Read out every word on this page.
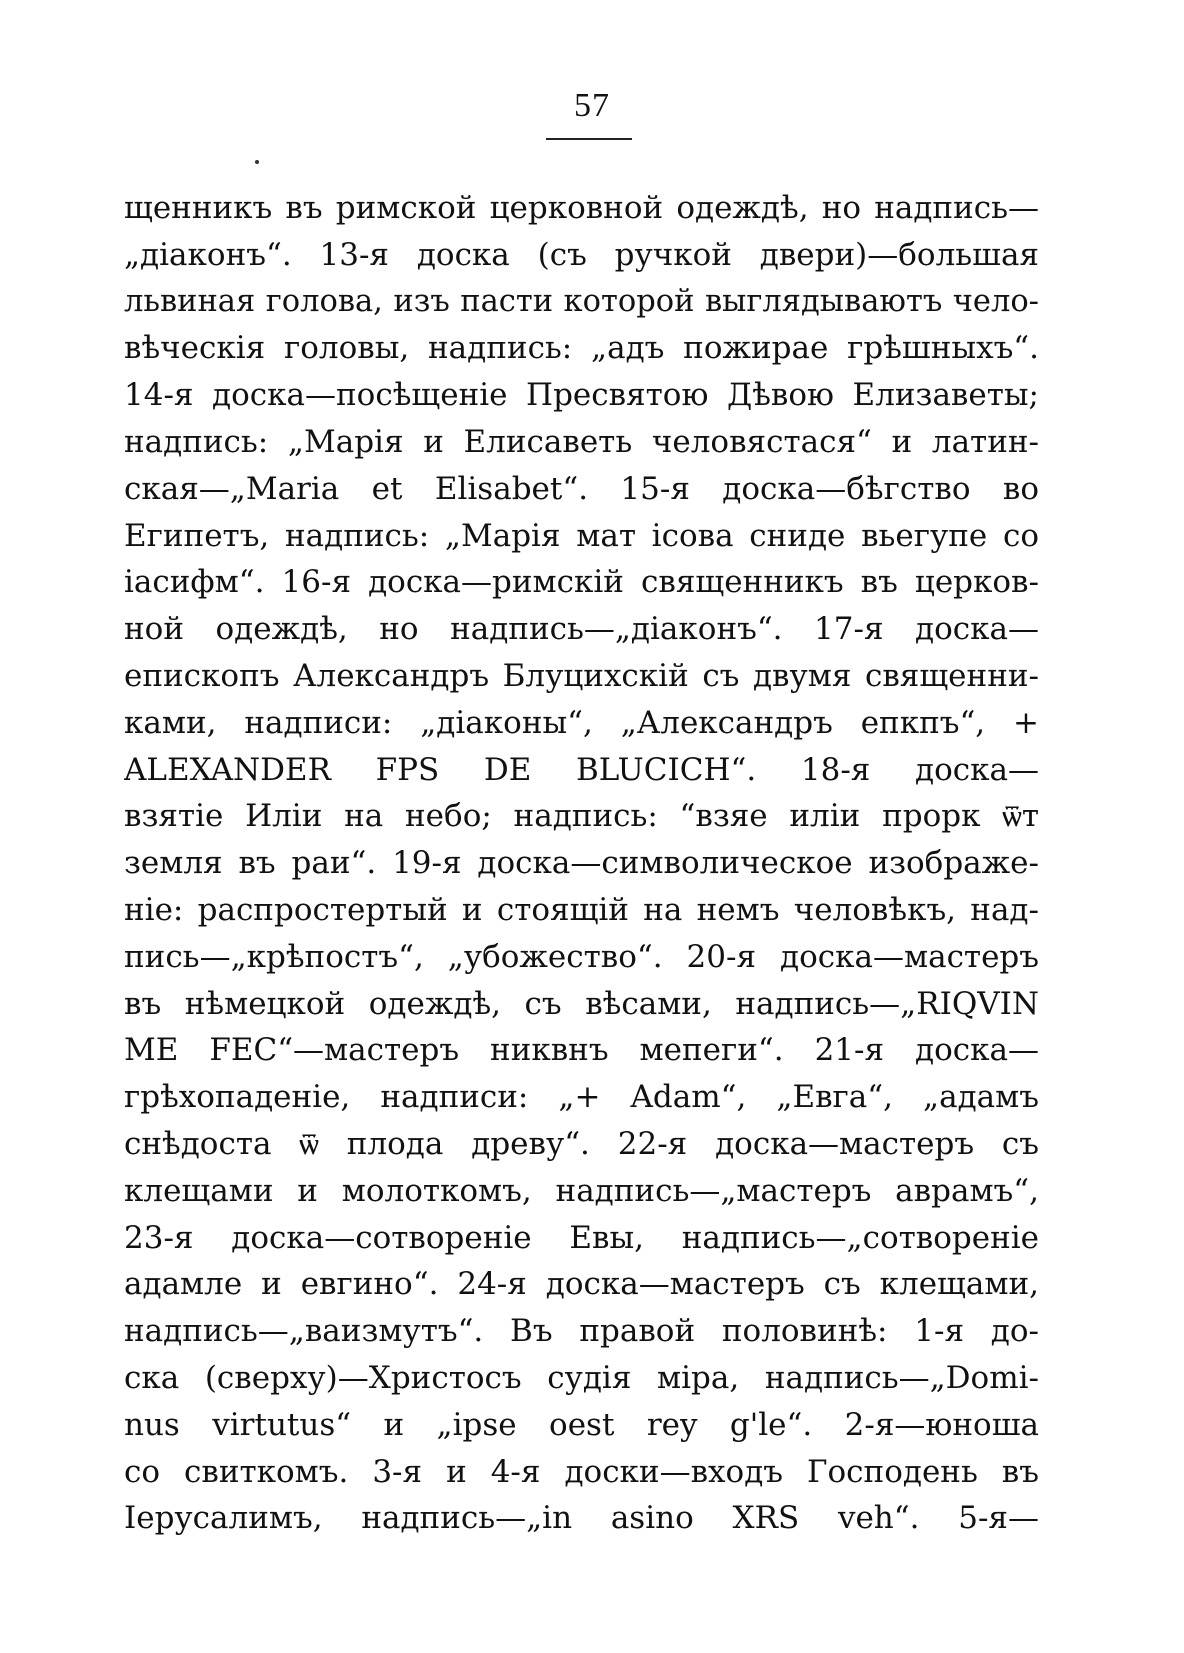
57
щенникъ въ римской церковной одеждѣ, но надпись—
„діаконъ“. 13-я доска (съ ручкой двери)—большая
львиная голова, изъ пасти которой выглядываютъ чело-
вѣческія головы, надпись: „адъ пожирае грѣшныхъ“.
14-я доска—посѣщеніе Пресвятою Дѣвою Елизаветы;
надпись: „Марія и Елисаветь человястася“ и латин-
ская—„Maria et Elisabet“. 15-я доска—бѣгство во
Египетъ, надпись: „Марія мат ісова сниде вьегупе со
іасифм“. 16-я доска—римскій священникъ въ церков-
ной одеждѣ, но надпись—„діаконъ“. 17-я доска—
епископъ Александръ Блуцихскій съ двумя священни-
ками, надписи: „діаконы“, „Александръ епкпъ“, +
ALEXANDER FPS DE BLUCICH“. 18-я доска—
взятіе Иліи на небо; надпись: “взяе иліи прорк ѿт
земля въ раи“. 19-я доска—символическое изображе-
ніе: распростертый и стоящій на немъ человѣкъ, над-
пись—„крѣпостъ“, „убожество“. 20-я доска—мастеръ
въ нѣмецкой одеждѣ, съ вѣсами, надпись—„RIQVIN
ME FEC“—мастеръ никвнъ мепеги“. 21-я доска—
грѣхопаденіе, надписи: „+ Adam“, „Евга“, „адамъ
снѣдоста ѿ плода древу“. 22-я доска—мастеръ съ
клещами и молоткомъ, надпись—„мастеръ аврамъ“,
23-я доска—сотвореніе Евы, надпись—„сотвореніе
адамле и евгино“. 24-я доска—мастеръ съ клещами,
надпись—„ваизмутъ“. Въ правой половинѣ: 1-я до-
ска (сверху)—Христосъ судія міра, надпись—„Domi-
nus virtutus“ и „ipse oest rey g'le“. 2-я—юноша
со свиткомъ. 3-я и 4-я доски—входъ Господень въ
Іерусалимъ, надпись—„in asino XRS veh“. 5-я—
